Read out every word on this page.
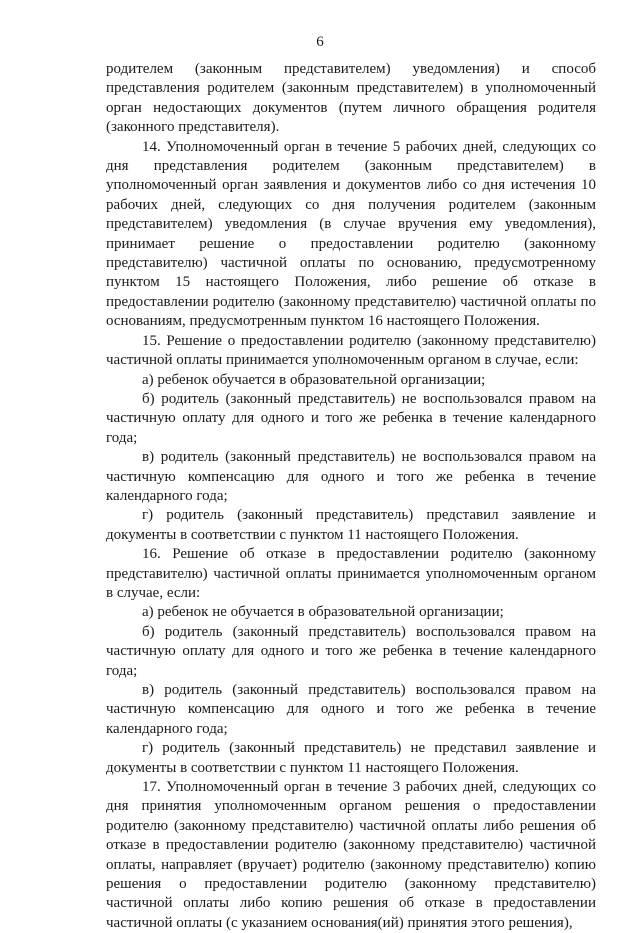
6

родителем (законным представителем) уведомления) и способ представления родителем (законным представителем) в уполномоченный орган недостающих документов (путем личного обращения родителя (законного представителя).

14. Уполномоченный орган в течение 5 рабочих дней, следующих со дня представления родителем (законным представителем) в уполномоченный орган заявления и документов либо со дня истечения 10 рабочих дней, следующих со дня получения родителем (законным представителем) уведомления (в случае вручения ему уведомления), принимает решение о предоставлении родителю (законному представителю) частичной оплаты по основанию, предусмотренному пунктом 15 настоящего Положения, либо решение об отказе в предоставлении родителю (законному представителю) частичной оплаты по основаниям, предусмотренным пунктом 16 настоящего Положения.

15. Решение о предоставлении родителю (законному представителю) частичной оплаты принимается уполномоченным органом в случае, если:

а) ребенок обучается в образовательной организации;

б) родитель (законный представитель) не воспользовался правом на частичную оплату для одного и того же ребенка в течение календарного года;

в) родитель (законный представитель) не воспользовался правом на частичную компенсацию для одного и того же ребенка в течение календарного года;

г) родитель (законный представитель) представил заявление и документы в соответствии с пунктом 11 настоящего Положения.

16. Решение об отказе в предоставлении родителю (законному представителю) частичной оплаты принимается уполномоченным органом в случае, если:

а) ребенок не обучается в образовательной организации;

б) родитель (законный представитель) воспользовался правом на частичную оплату для одного и того же ребенка в течение календарного года;

в) родитель (законный представитель) воспользовался правом на частичную компенсацию для одного и того же ребенка в течение календарного года;

г) родитель (законный представитель) не представил заявление и документы в соответствии с пунктом 11 настоящего Положения.

17. Уполномоченный орган в течение 3 рабочих дней, следующих со дня принятия уполномоченным органом решения о предоставлении родителю (законному представителю) частичной оплаты либо решения об отказе в предоставлении родителю (законному представителю) частичной оплаты, направляет (вручает) родителю (законному представителю) копию решения о предоставлении родителю (законному представителю) частичной оплаты либо копию решения об отказе в предоставлении частичной оплаты (с указанием основания(ий) принятия этого решения),
